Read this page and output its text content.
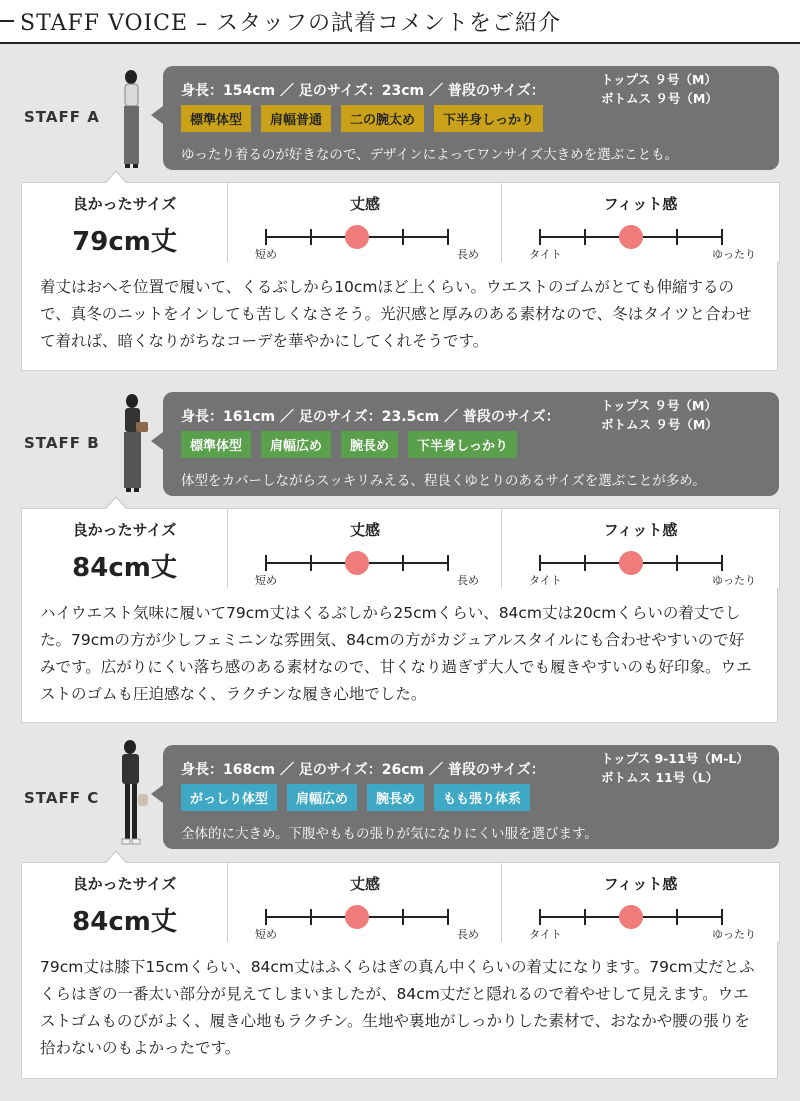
STAFF VOICE – スタッフの試着コメントをご紹介
STAFF A
身長：154cm ／ 足のサイズ：23cm ／ 普段のサイズ：
トップス ９号（M）
ボトムス ９号（M）
標準体型	肩幅普通	二の腕太め	下半身しっかり
ゆったり着るのが好きなので、デザインによってワンサイズ大きめを選ぶことも。
良かったサイズ
79cm丈
丈感
短め	長め
フィット感
タイト	ゆったり
着丈はおへそ位置で履いて、くるぶしから10cmほど上くらい。ウエストのゴムがとても伸縮するので、真冬のニットをインしても苦しくなさそう。光沢感と厚みのある素材なので、冬はタイツと合わせて着れば、暗くなりがちなコーデを華やかにしてくれそうです。
STAFF B
身長：161cm ／ 足のサイズ：23.5cm ／ 普段のサイズ：
トップス ９号（M）
ボトムス ９号（M）
標準体型	肩幅広め	腕長め	下半身しっかり
体型をカバーしながらスッキリみえる、程良くゆとりのあるサイズを選ぶことが多め。
良かったサイズ
84cm丈
丈感
短め	長め
フィット感
タイト	ゆったり
ハイウエスト気味に履いて79cm丈はくるぶしから25cmくらい、84cm丈は20cmくらいの着丈でした。79cmの方が少しフェミニンな雰囲気、84cmの方がカジュアルスタイルにも合わせやすいので好みです。広がりにくい落ち感のある素材なので、甘くなり過ぎず大人でも履きやすいのも好印象。ウエストのゴムも圧迫感なく、ラクチンな履き心地でした。
STAFF C
身長：168cm ／ 足のサイズ：26cm ／ 普段のサイズ：
トップス 9-11号（M-L）
ボトムス 11号（L）
がっしり体型	肩幅広め	腕長め	もも張り体系
全体的に大きめ。下腹やももの張りが気になりにくい服を選びます。
良かったサイズ
84cm丈
丈感
短め	長め
フィット感
タイト	ゆったり
79cm丈は膝下15cmくらい、84cm丈はふくらはぎの真ん中くらいの着丈になります。79cm丈だとふくらはぎの一番太い部分が見えてしまいましたが、84cm丈だと隠れるので着やせして見えます。ウエストゴムものびがよく、履き心地もラクチン。生地や裏地がしっかりした素材で、おなかや腰の張りを拾わないのもよかったです。
